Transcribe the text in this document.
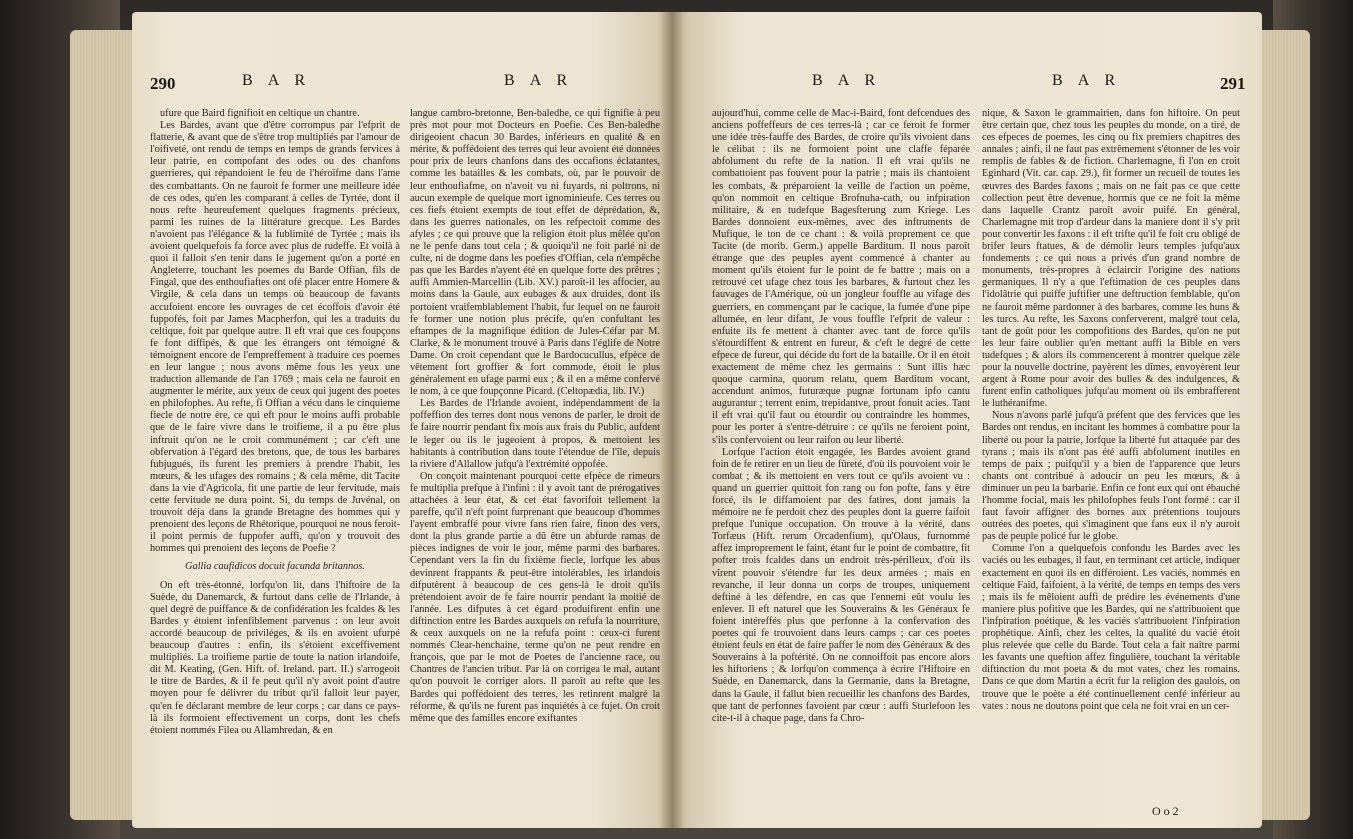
290	B A R	B A R

ufure que Baird fignifioit en celtique un chantre.

Les Bardes, avant que d'être corrompus par l'efprit de flatterie, & avant que de s'être trop multipliés par l'amour de l'oifiveté, ont rendu de temps en temps de grands fervices à leur patrie, en compofant des odes ou des chanfons guerrieres, qui répandoient le feu de l'héroïfme dans l'ame des combattants. On ne fauroit fe former une meilleure idée de ces odes, qu'en les comparant à celles de Tyrtée, dont il nous refte heureufement quelques fragments précieux, parmi les ruines de la littérature grecque. Les Bardes n'avoient pas l'élégance & la fublimité de Tyrtée ; mais ils avoient quelquefois fa force avec plus de rudeffe. Et voilà à quoi il falloit s'en tenir dans le jugement qu'on a porté en Angleterre, touchant les poemes du Barde Offian, fils de Fingal, que des enthoufiaftes ont ofé placer entre Homere & Virgile, & cela dans un temps où beaucoup de favants accufoient encore les ouvrages de cet écoffois d'avoir été fuppofés, foit par James Macpherfon, qui les a traduits du celtique, foit par quelque autre. Il eft vrai que ces foupçons fe font diffipés, & que les étrangers ont témoigné & témoignent encore de l'empreffement à traduire ces poemes en leur langue ; nous avons même fous les yeux une traduction allemande de l'an 1769 ; mais cela ne fauroit en augmenter le mérite, aux yeux de ceux qui jugent des poetes en philofophes. Au refte, fi Offian a vécu dans le cinquieme fiecle de notre ère, ce qui eft pour le moins auffi probable que de le faire vivre dans le troifieme, il a pu être plus inftruit qu'on ne le croit communément ; car c'eft une obfervation à l'égard des bretons, que, de tous les barbares fubjugués, ils furent les premiers à prendre l'habit, les mœurs, & les ufages des romains ; & cela même, dit Tacite dans la vie d'Agricola, fit une partie de leur fervitude, mais cette fervitude ne dura point. Si, du temps de Juvénal, on trouvoit déja dans la grande Bretagne des hommes qui y prenoient des leçons de Rhétorique, pourquoi ne nous feroit-il point permis de fuppofer auffi, qu'on y trouvoit des hommes qui prenoient des leçons de Poefie ?

Gallia caufidicos docuit facunda britannos.

On eft très-étonné, lorfqu'on lit, dans l'hiftoire de la Suède, du Danemarck, & furtout dans celle de l'Irlande, à quel degré de puiffance & de confidération les fcaldes & les Bardes y étoient infenfiblement parvenus : on leur avoit accordé beaucoup de priviléges, & ils en avoient ufurpé beaucoup d'autres : enfin, ils s'étoient exceffivement multipliés. La troifieme partie de toute la nation irlandoife, dit M. Keating, (Gen. Hift. of. Ireland. part. II.) s'arrogeoit le titre de Bardes, & il fe peut qu'il n'y avoit point d'autre moyen pour fe délivrer du tribut qu'il falloit leur payer, qu'en fe déclarant membre de leur corps ; car dans ce pays-là ils formoient effectivement un corps, dont les chefs étoient nommés Filea ou Allamhredan, & en

langue cambro-bretonne, Ben-baledhe, ce qui fignifie à peu près mot pour mot Docteurs en Poefie. Ces Ben-baledhe dirigeoient chacun 30 Bardes, inférieurs en qualité & en mérite, & poffédoient des terres qui leur avoient été données pour prix de leurs chanfons dans des occafions éclatantes, comme les batailles & les combats, où, par le pouvoir de leur enthoufiafme, on n'avoit vu ni fuyards, ni poltrons, ni aucun exemple de quelque mort ignominieufe. Ces terres ou ces fiefs étoient exempts de tout effet de déprédation, &, dans les guerres nationales, on les refpectoit comme des afyles ; ce qui prouve que la religion étoit plus mêlée qu'on ne le penfe dans tout cela ; & quoiqu'il ne foit parlé ni de culte, ni de dogme dans les poefies d'Offian, cela n'empêche pas que les Bardes n'ayent été en quelque forte des prêtres ; auffi Ammien-Marcellin (Lib. XV.) paroît-il les affocier, au moins dans la Gaule, aux eubages & aux druides, dont ils portoient vraifemblablement l'habit, fur lequel on ne fauroit fe former une notion plus précife, qu'en confultant les eftampes de la magnifique édition de Jules-Céfar par M. Clarke, & le monument trouvé à Paris dans l'églife de Notre Dame. On croit cependant que le Bardocucullus, efpèce de vêtement fort groffier & fort commode, étoit le plus généralement en ufage parmi eux ; & il en a même confervé le nom, à ce que foupçonne Picard. (Celtopædia, lib. IV.)

Les Bardes de l'Irlande avoient, indépendamment de la poffeffion des terres dont nous venons de parler, le droit de fe faire nourrir pendant fix mois aux frais du Public, aufdent le leger ou ils le jugeoient à propos, & mettoient les habitants à contribution dans toute l'étendue de l'île, depuis la riviere d'Allallow jufqu'à l'extrémité oppofée.

On conçoit maintenant pourquoi cette efpèce de rimeurs fe multiplia prefque à l'infini : il y avoit tant de prérogatives attachées à leur état, & cet état favorifoit tellement la pareffe, qu'il n'eft point furprenant que beaucoup d'hommes l'ayent embraffé pour vivre fans rien faire, finon des vers, dont la plus grande partie a dû être un abfurde ramas de pièces indignes de voir le jour, même parmi des barbares. Cependant vers la fin du fixième fiecle, lorfque les abus devinrent frappants & peut-être intolérables, les irlandois difputèrent à beaucoup de ces gens-là le droit qu'ils prétendoient avoir de fe faire nourrir pendant la moitié de l'année. Les difputes à cet égard produifirent enfin une diftinction entre les Bardes auxquels on refufa la nourriture, & ceux auxquels on ne la refufa point : ceux-ci furent nommés Clear-henchaine, terme qu'on ne peut rendre en françois, que par le mot de Poetes de l'ancienne race, ou Chantres de l'ancien tribut. Par là on corrigea le mal, autant qu'on pouvoit le corriger alors. Il paroît au refte que les Bardes qui poffédoient des terres, les retinrent malgré la réforme, & qu'ils ne furent pas inquiétés à ce fujet. On croit même que des familles encore exiftantes

B A R	B A R	291

aujourd'hui, comme celle de Mac-i-Baird, font defcendues des anciens poffeffeurs de ces terres-là ; car ce feroit fe former une idée très-fauffe des Bardes, de croire qu'ils vivoient dans le célibat : ils ne formoient point une claffe féparée abfolument du refte de la nation. Il eft vrai qu'ils ne combattoient pas fouvent pour la patrie ; mais ils chantoient les combats, & préparoient la veille de l'action un poème, qu'on nommoit en celtique Brofnuha-cath, ou infpiration militaire, & en tudefque Bagesfterung zum Kriege. Les Bardes donnoient eux-mêmes, avec des inftruments de Mufique, le ton de ce chant : & voilà proprement ce que Tacite (de morib. Germ.) appelle Barditum. Il nous paroît étrange que des peuples ayent commencé à chanter au moment qu'ils étoient fur le point de fe battre ; mais on a retrouvé cet ufage chez tous les barbares, & furtout chez les fauvages de l'Amérique, où un jongleur fouffle au vifage des guerriers, en commençant par le cacique, la fumée d'une pipe allumée, en leur difant, Je vous fouffle l'efprit de valeur : enfuite ils fe mettent à chanter avec tant de force qu'ils s'étourdiffent & entrent en fureur, & c'eft le degré de cette efpece de fureur, qui décide du fort de la bataille. Or il en étoit exactement de même chez les germains : Sunt illis hæc quoque carmina, quorum relatu, quem Barditum vocant, accendunt animos, futuræque pugnæ fortunam ipfo cantu augurantur ; terrent enim, trepidantve, prout fonuit acies. Tant il eft vrai qu'il faut ou étourdir ou contraindre les hommes, pour les porter à s'entre-détruire : ce qu'ils ne feroient point, s'ils confervoient ou leur raifon ou leur liberté.

Lorfque l'action étoit engagée, les Bardes avoient grand foin de fe retirer en un lieu de fûreté, d'où ils pouvoient voir le combat ; & ils mettoient en vers tout ce qu'ils avoient vu : quand un guerrier quittoit fon rang ou fon pofte, fans y être forcé, ils le diffamoient par des fatires, dont jamais la mémoire ne fe perdoit chez des peuples dont la guerre faifoit prefque l'unique occupation. On trouve à la vérité, dans Torfæus (Hift. rerum Orcadenfium), qu'Olaus, furnommé affez improprement le faint, étant fur le point de combattre, fit pofter trois fcaldes dans un endroit très-périlleux, d'où ils vîrent pouvoir s'étendre fur les deux armées ; mais en revanche, il leur donna un corps de troupes, uniquement deftiné à les défendre, en cas que l'ennemi eût voulu les enlever. Il eft naturel que les Souverains & les Généraux fe foient intéreffés plus que perfonne à la confervation des poetes qui fe trouvoient dans leurs camps ; car ces poetes étoient feuls en état de faire paffer le nom des Généraux & des Souverains à la poftérité. On ne connoiffoit pas encore alors les hiftoriens ; & lorfqu'on commença à écrire l'Hiftoire en Suède, en Danemarck, dans la Germanie, dans la Bretagne, dans la Gaule, il fallut bien recueillir les chanfons des Bardes, que tant de perfonnes favoient par cœur : auffi Sturlefoon les cite-t-il à chaque page, dans fa Chro-

nique, & Saxon le grammairien, dans fon hiftoire. On peut être certain que, chez tous les peuples du monde, on a tiré, de ces efpeces de poemes, les cinq ou fix premiers chapitres des annales ; ainfi, il ne faut pas extrêmement s'étonner de les voir remplis de fables & de fiction. Charlemagne, fi l'on en croit Eginhard (Vit. car. cap. 29.), fit former un recueil de toutes les œuvres des Bardes faxons ; mais on ne fait pas ce que cette collection peut être devenue, hormis que ce ne foit la même dans laquelle Crantz paroît avoir puifé. En général, Charlemagne mit trop d'ardeur dans la maniere dont il s'y prit pour convertir les faxons : il eft trifte qu'il fe foit cru obligé de brifer leurs ftatues, & de démolir leurs temples jufqu'aux fondements ; ce qui nous a privés d'un grand nombre de monuments, très-propres à éclaircir l'origine des nations germaniques. Il n'y a que l'eftimation de ces peuples dans l'idolâtrie qui puiffe juftifier une deftruction femblable, qu'on ne fauroit même pardonner à des barbares, comme les huns & les turcs. Au refte, les Saxons conferverent, malgré tout cela, tant de goût pour les compofitions des Bardes, qu'on ne put les leur faire oublier qu'en mettant auffi la Bible en vers tudefques ; & alors ils commencerent à montrer quelque zèle pour la nouvelle doctrine, payèrent les dîmes, envoyèrent leur argent à Rome pour avoir des bulles & des indulgences, & furent enfin catholiques jufqu'au moment où ils embrafferent le luthéranifme.

Nous n'avons parlé jufqu'à préfent que des fervices que les Bardes ont rendus, en incitant les hommes à combattre pour la liberté ou pour la patrie, lorfque la liberté fut attaquée par des tyrans ; mais ils n'ont pas été auffi abfolument inutiles en temps de paix ; puifqu'il y a bien de l'apparence que leurs chants ont contribué à adoucir un peu les mœurs, & à diminuer un peu la barbarie. Enfin ce font eux qui ont ébauché l'homme focial, mais les philofophes feuls l'ont formé : car il faut favoir affigner des bornes aux prétentions toujours outrées des poetes, qui s'imaginent que fans eux il n'y auroit pas de peuple policé fur le globe.

Comme l'on a quelquefois confondu les Bardes avec les vaciés ou les eubages, il faut, en terminant cet article, indiquer exactement en quoi ils en différoient. Les vaciés, nommés en celtique Faid, faifoient, à la vérité, de temps en temps des vers ; mais ils fe mêloient auffi de prédire les événements d'une maniere plus pofitive que les Bardes, qui ne s'attribuoient que l'infpiration poétique, & les vaciés s'attribuoient l'infpiration prophétique. Ainfi, chez les celtes, la qualité du vacié étoit plus relevée que celle du Barde. Tout cela a fait naître parmi les favants une queftion affez fingulière, touchant la véritable diftinction du mot poeta & du mot vates, chez les romains. Dans ce que dom Martin a écrit fur la religion des gaulois, on trouve que le poète a été continuellement cenfé inférieur au vates : nous ne doutons point que cela ne foit vrai en un cer-

O o 2
